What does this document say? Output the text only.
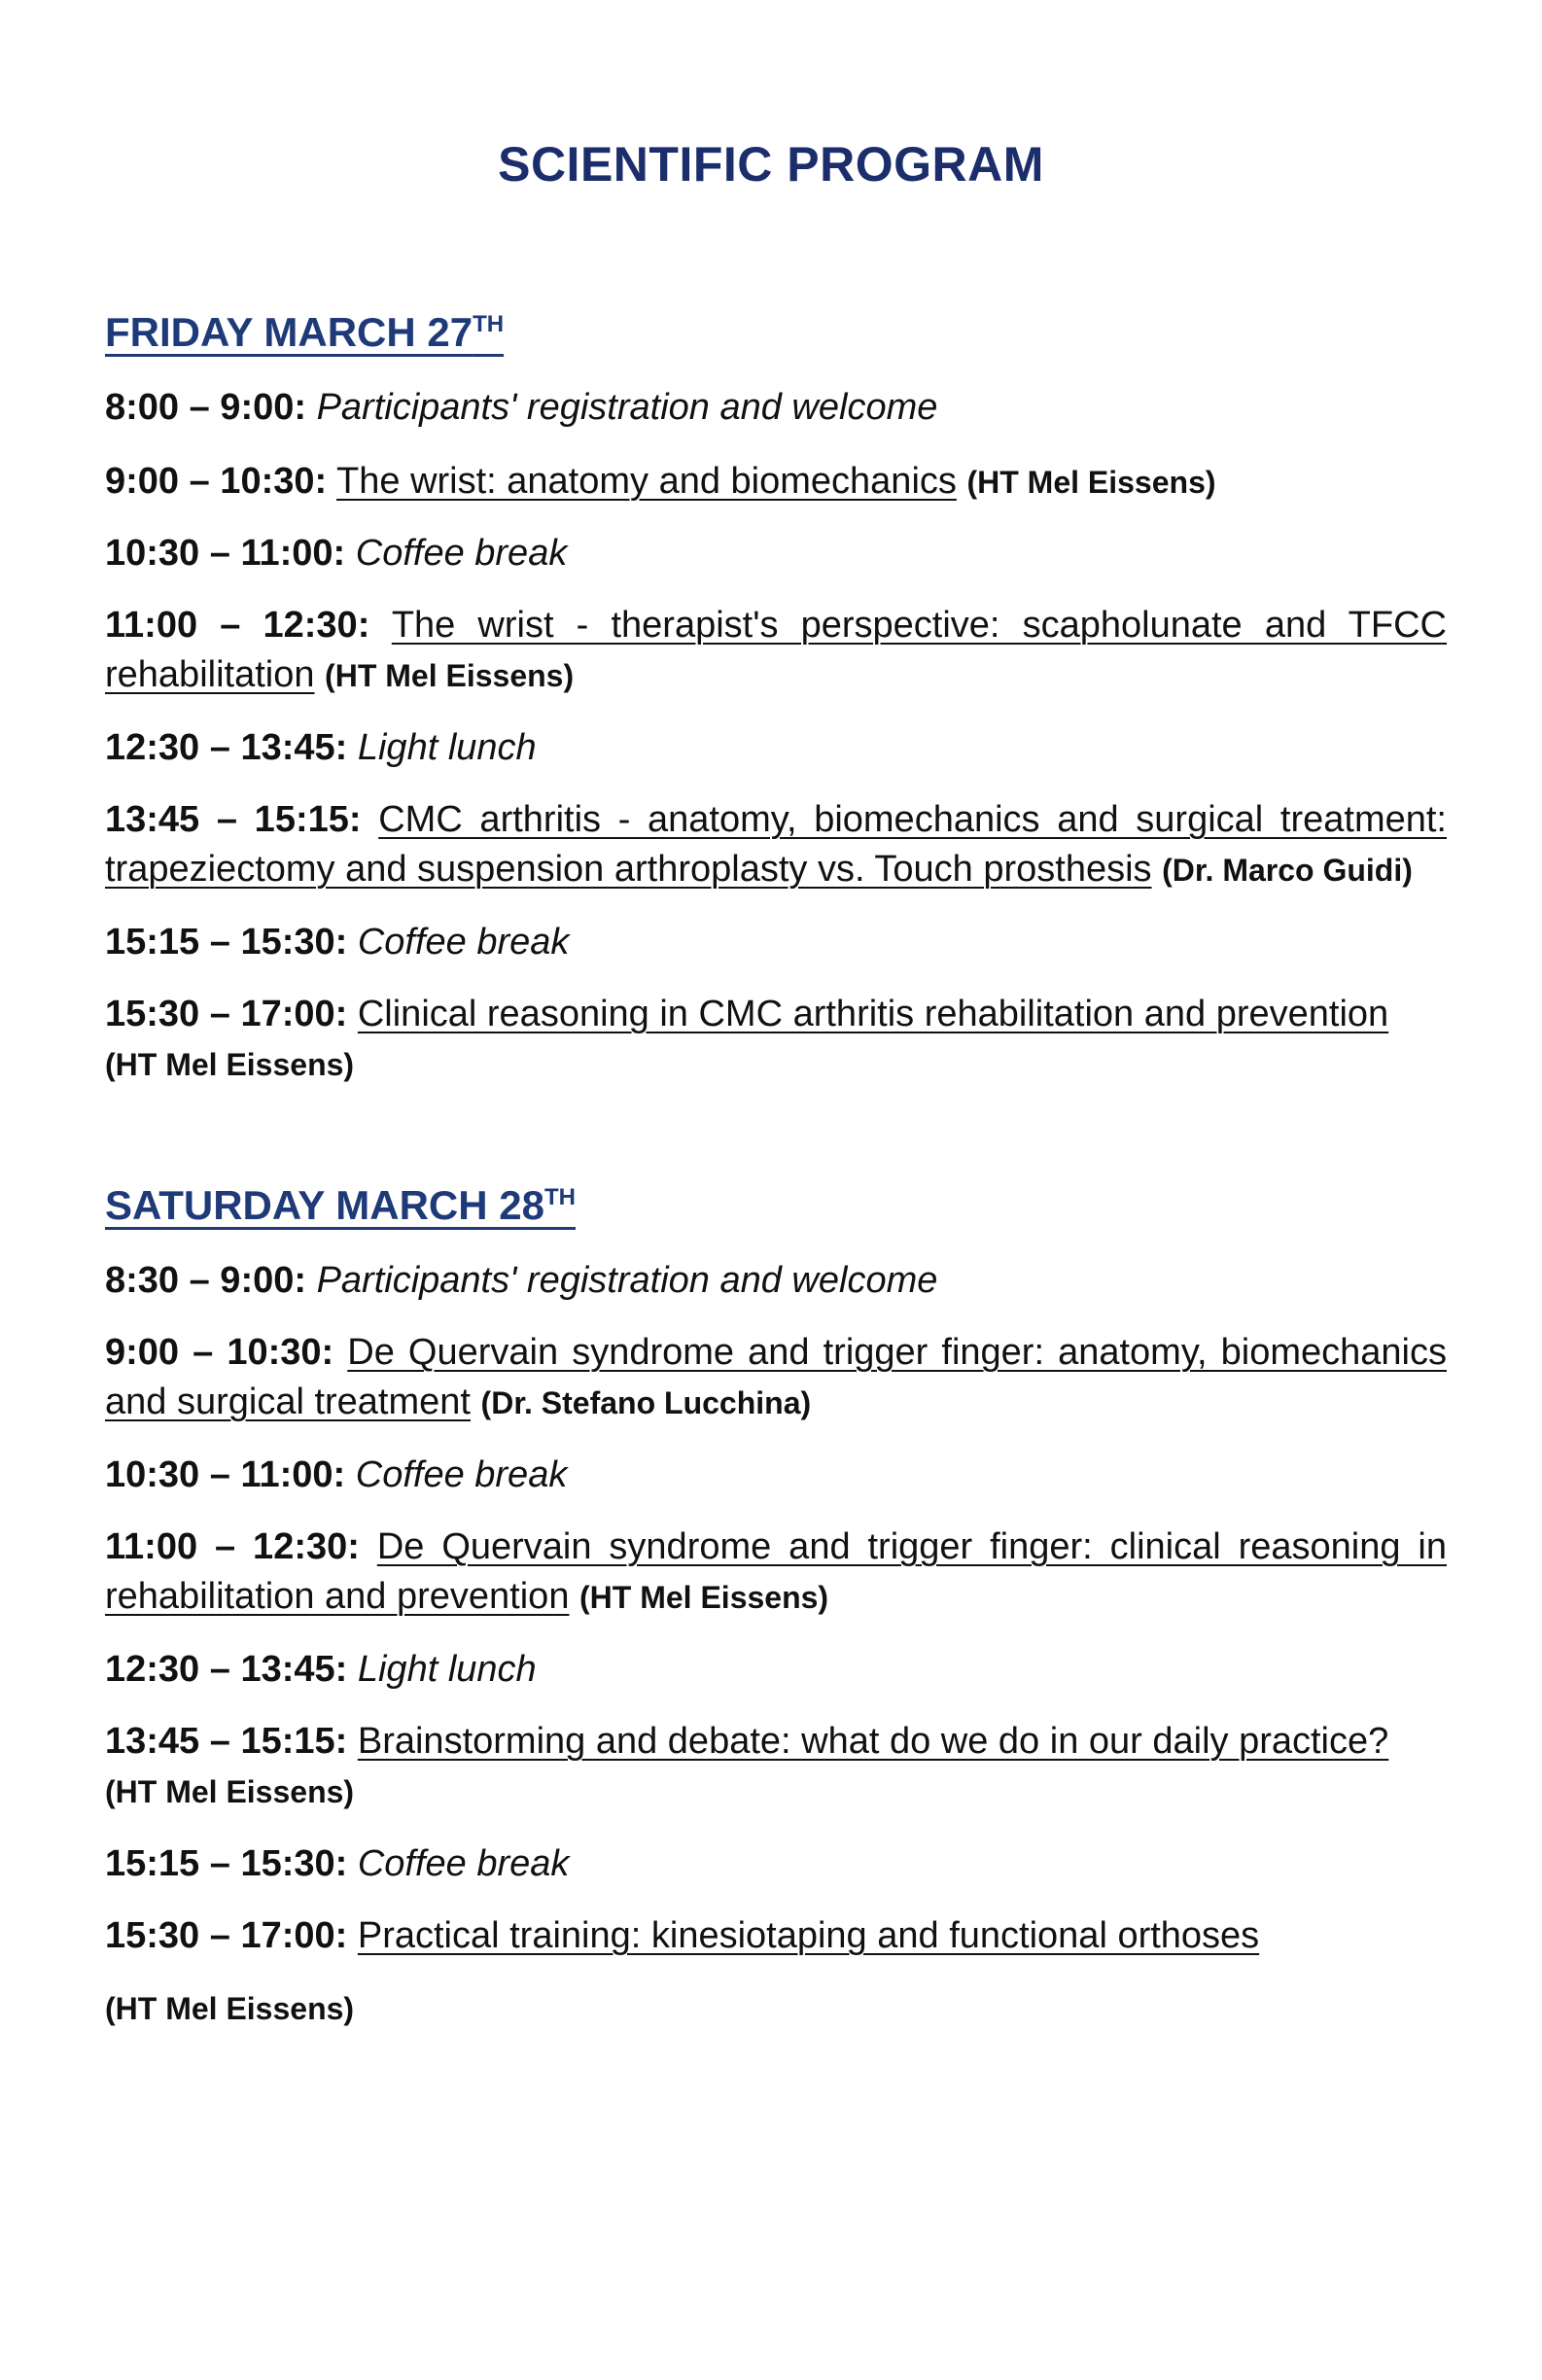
SCIENTIFIC PROGRAM
FRIDAY MARCH 27TH
8:00 – 9:00: Participants' registration and welcome
9:00 – 10:30: The wrist: anatomy and biomechanics (HT Mel Eissens)
10:30 – 11:00: Coffee break
11:00 – 12:30: The wrist - therapist's perspective: scapholunate and TFCC rehabilitation (HT Mel Eissens)
12:30 – 13:45: Light lunch
13:45 – 15:15: CMC arthritis - anatomy, biomechanics and surgical treatment: trapeziectomy and suspension arthroplasty vs. Touch prosthesis (Dr. Marco Guidi)
15:15 – 15:30: Coffee break
15:30 – 17:00: Clinical reasoning in CMC arthritis rehabilitation and prevention (HT Mel Eissens)
SATURDAY MARCH 28TH
8:30 – 9:00: Participants' registration and welcome
9:00 – 10:30: De Quervain syndrome and trigger finger: anatomy, biomechanics and surgical treatment (Dr. Stefano Lucchina)
10:30 – 11:00: Coffee break
11:00 – 12:30: De Quervain syndrome and trigger finger: clinical reasoning in rehabilitation and prevention (HT Mel Eissens)
12:30 – 13:45: Light lunch
13:45 – 15:15: Brainstorming and debate: what do we do in our daily practice? (HT Mel Eissens)
15:15 – 15:30: Coffee break
15:30 – 17:00: Practical training: kinesiotaping and functional orthoses
(HT Mel Eissens)
